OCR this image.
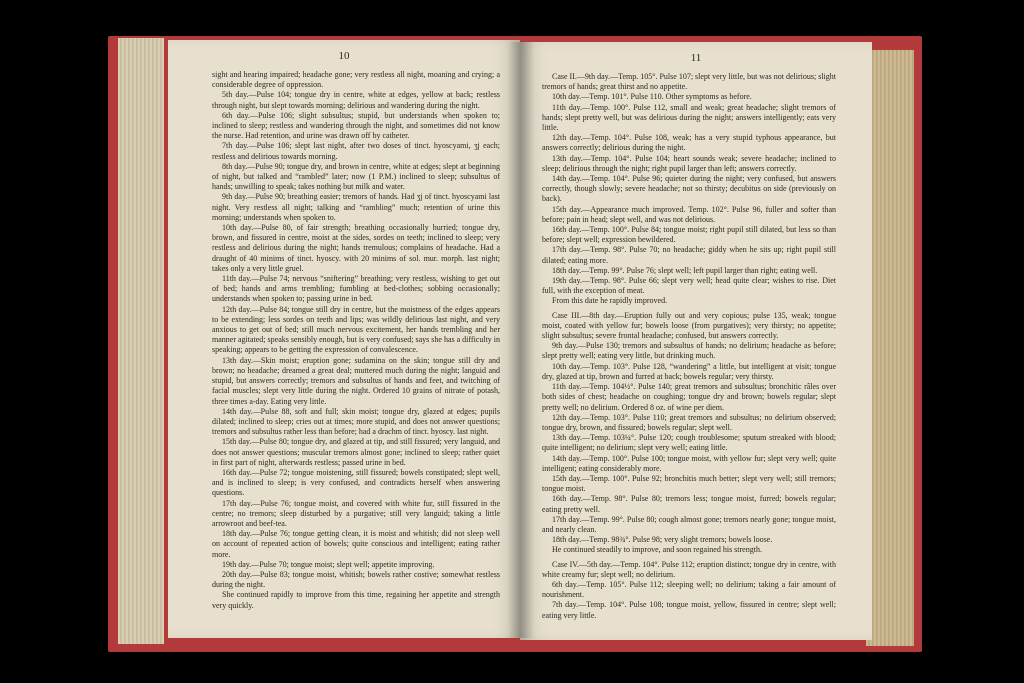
10

sight and hearing impaired; headache gone; very restless all night, moaning and crying; a considerable degree of oppression.

5th day.—Pulse 104; tongue dry in centre, white at edges, yellow at back; restless through night, but slept towards morning; delirious and wandering during the night.

6th day.—Pulse 106; slight subsultus; stupid, but understands when spoken to; inclined to sleep; restless and wandering through the night, and sometimes did not know the nurse. Had retention, and urine was drawn off by catheter.

7th day.—Pulse 106; slept last night, after two doses of tinct. hyoscyami, ʒj each; restless and delirious towards morning.

8th day.—Pulse 90; tongue dry, and brown in centre, white at edges; slept at beginning of night, but talked and “rambled” later; now (1 P.M.) inclined to sleep; subsultus of hands; unwilling to speak; takes nothing but milk and water.

9th day.—Pulse 90; breathing easier; tremors of hands. Had ʒj of tinct. hyoscyami last night. Very restless all night; talking and “rambling” much; retention of urine this morning; understands when spoken to.

10th day.—Pulse 80, of fair strength; breathing occasionally hurried; tongue dry, brown, and fissured in centre, moist at the sides, sordes on teeth; inclined to sleep; very restless and delirious during the night; hands tremulous; complains of headache. Had a draught of 40 minims of tinct. hyoscy. with 20 minims of sol. mur. morph. last night; takes only a very little gruel.

11th day.—Pulse 74; nervous “sniftering” breathing; very restless, wishing to get out of bed; hands and arms trembling; fumbling at bed-clothes; sobbing occasionally; understands when spoken to; passing urine in bed.

12th day.—Pulse 84; tongue still dry in centre, but the moistness of the edges appears to be extending; less sordes on teeth and lips; was wildly delirious last night, and very anxious to get out of bed; still much nervous excitement, her hands trembling and her manner agitated; speaks sensibly enough, but is very confused; says she has a difficulty in speaking; appears to be getting the expression of convalescence.

13th day.—Skin moist; eruption gone; sudamina on the skin; tongue still dry and brown; no headache; dreamed a great deal; muttered much during the night; languid and stupid, but answers correctly; tremors and subsultus of hands and feet, and twitching of facial muscles; slept very little during the night. Ordered 10 grains of nitrate of potash, three times a-day. Eating very little.

14th day.—Pulse 88, soft and full; skin moist; tongue dry, glazed at edges; pupils dilated; inclined to sleep; cries out at times; more stupid, and does not answer questions; tremors and subsultus rather less than before; had a drachm of tinct. hyoscy. last night.

15th day.—Pulse 80; tongue dry, and glazed at tip, and still fissured; very languid, and does not answer questions; muscular tremors almost gone; inclined to sleep; rather quiet in first part of night, afterwards restless; passed urine in bed.

16th day.—Pulse 72; tongue moistening, still fissured; bowels constipated; slept well, and is inclined to sleep; is very confused, and contradicts herself when answering questions.

17th day.—Pulse 76; tongue moist, and covered with white fur, still fissured in the centre; no tremors; sleep disturbed by a purgative; still very languid; taking a little arrowroot and beef-tea.

18th day.—Pulse 76; tongue getting clean, it is moist and whitish; did not sleep well on account of repeated action of bowels; quite conscious and intelligent; eating rather more.

19th day.—Pulse 70; tongue moist; slept well; appetite improving.

20th day.—Pulse 83; tongue moist, whitish; bowels rather costive; somewhat restless during the night.

She continued rapidly to improve from this time, regaining her appetite and strength very quickly.

11

Case II.—9th day.—Temp. 105°. Pulse 107; slept very little, but was not delirious; slight tremors of hands; great thirst and no appetite.

10th day.—Temp. 101°. Pulse 110. Other symptoms as before.

11th day.—Temp. 100°. Pulse 112, small and weak; great headache; slight tremors of hands; slept pretty well, but was delirious during the night; answers intelligently; eats very little.

12th day.—Temp. 104°. Pulse 108, weak; has a very stupid typhous appearance, but answers correctly; delirious during the night.

13th day.—Temp. 104°. Pulse 104; heart sounds weak; severe headache; inclined to sleep; delirious through the night; right pupil larger than left; answers correctly.

14th day.—Temp. 104°. Pulse 96; quieter during the night; very confused, but answers correctly, though slowly; severe headache; not so thirsty; decubitus on side (previously on back).

15th day.—Appearance much improved. Temp. 102°. Pulse 96, fuller and softer than before; pain in head; slept well, and was not delirious.

16th day.—Temp. 100°. Pulse 84; tongue moist; right pupil still dilated, but less so than before; slept well; expression bewildered.

17th day.—Temp. 98°. Pulse 70; no headache; giddy when he sits up; right pupil still dilated; eating more.

18th day.—Temp. 99°. Pulse 76; slept well; left pupil larger than right; eating well.

19th day.—Temp. 98°. Pulse 66; slept very well; head quite clear; wishes to rise. Diet full, with the exception of meat.

From this date he rapidly improved.

Case III.—8th day.—Eruption fully out and very copious; pulse 135, weak; tongue moist, coated with yellow fur; bowels loose (from purgatives); very thirsty; no appetite; slight subsultus; severe frontal headache; confused, but answers correctly.

9th day.—Pulse 130; tremors and subsultus of hands; no delirium; headache as before; slept pretty well; eating very little, but drinking much.

10th day.—Temp. 103°. Pulse 128, “wandering” a little, but intelligent at visit; tongue dry, glazed at tip, brown and furred at back; bowels regular; very thirsty.

11th day.—Temp. 104½°. Pulse 140; great tremors and subsultus; bronchitic râles over both sides of chest; headache on coughing; tongue dry and brown; bowels regular; slept pretty well; no delirium. Ordered 8 oz. of wine per diem.

12th day.—Temp. 103°. Pulse 110; great tremors and subsultus; no delirium observed; tongue dry, brown, and fissured; bowels regular; slept well.

13th day.—Temp. 103¼°. Pulse 120; cough troublesome; sputum streaked with blood; quite intelligent; no delirium; slept very well; eating little.

14th day.—Temp. 100°. Pulse 100; tongue moist, with yellow fur; slept very well; quite intelligent; eating considerably more.

15th day.—Temp. 100°. Pulse 92; bronchitis much better; slept very well; still tremors; tongue moist.

16th day.—Temp. 98°. Pulse 80; tremors less; tongue moist, furred; bowels regular; eating pretty well.

17th day.—Temp. 99°. Pulse 80; cough almost gone; tremors nearly gone; tongue moist, and nearly clean.

18th day.—Temp. 98¾°. Pulse 98; very slight tremors; bowels loose.

He continued steadily to improve, and soon regained his strength.

Case IV.—5th day.—Temp. 104°. Pulse 112; eruption distinct; tongue dry in centre, with white creamy fur; slept well; no delirium.

6th day.—Temp. 105°. Pulse 112; sleeping well; no delirium; taking a fair amount of nourishment.

7th day.—Temp. 104°. Pulse 108; tongue moist, yellow, fissured in centre; slept well; eating very little.
